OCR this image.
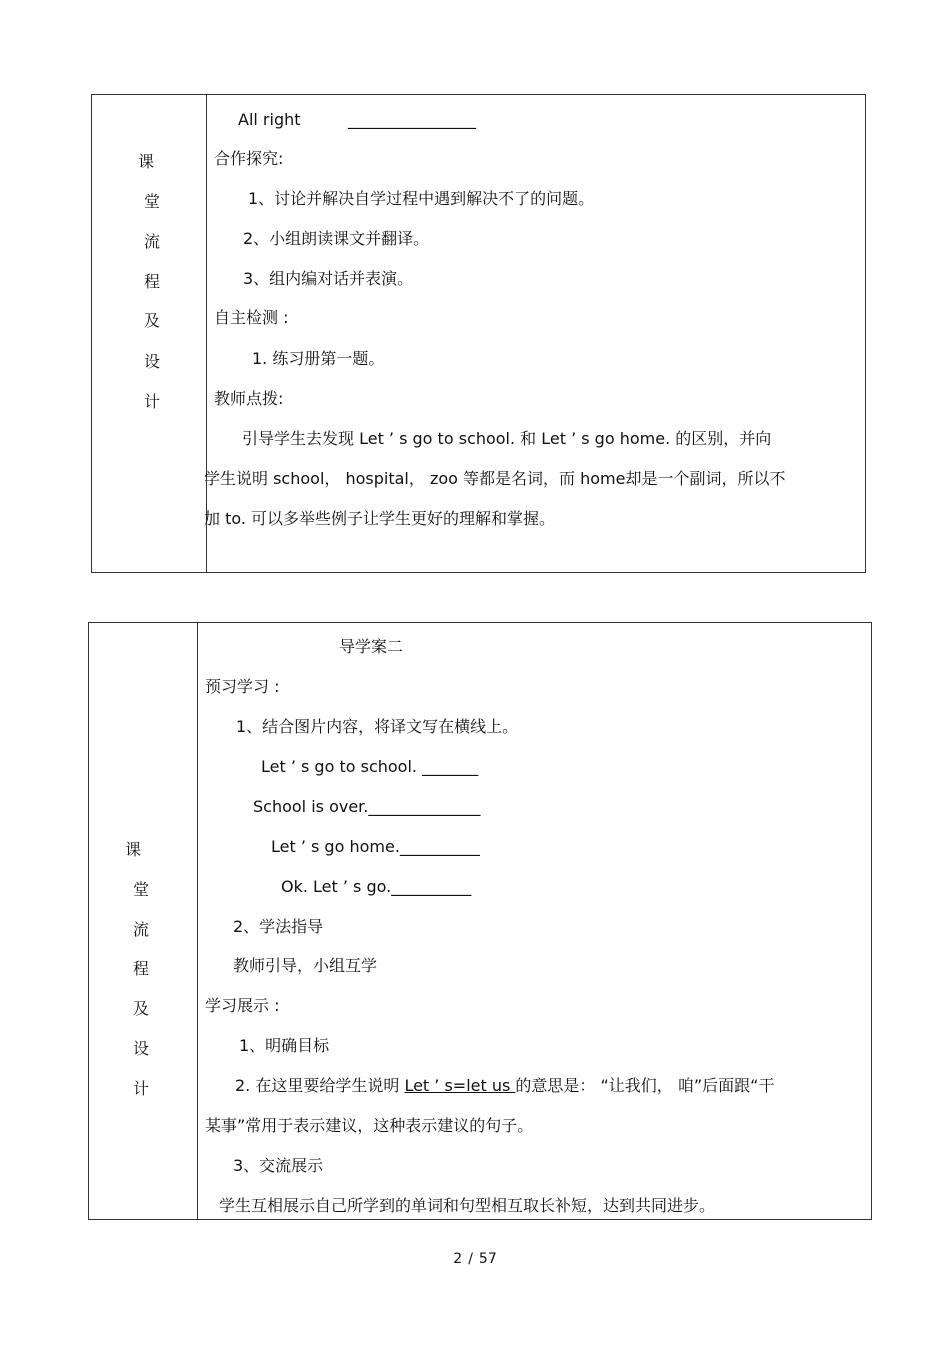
课
堂
流
程
及
设
计
All right	________________
合作探究:
1、讨论并解决自学过程中遇到解决不了的问题。
2、小组朗读课文并翻译。
3、组内编对话并表演。
自主检测 :
1. 练习册第一题。
教师点拨:
引导学生去发现 Let ’ s go to school. 和 Let ’ s go home. 的区别，并向
学生说明 school， hospital， zoo 等都是名词，而 home却是一个副词，所以不
加 to. 可以多举些例子让学生更好的理解和掌握。
课
堂
流
程
及
设
计
导学案二
预习学习 :
1、结合图片内容，将译文写在横线上。
Let ’ s go to school. _______
School is over.______________
Let ’ s go home.__________
Ok. Let ’ s go.__________
2、学法指导
教师引导，小组互学
学习展示 :
1、明确目标
2. 在这里要给学生说明 Let ’ s=let us 的意思是： “让我们， 咱”后面跟“干
某事”常用于表示建议，这种表示建议的句子。
3、交流展示
学生互相展示自己所学到的单词和句型相互取长补短，达到共同进步。
2 / 57
